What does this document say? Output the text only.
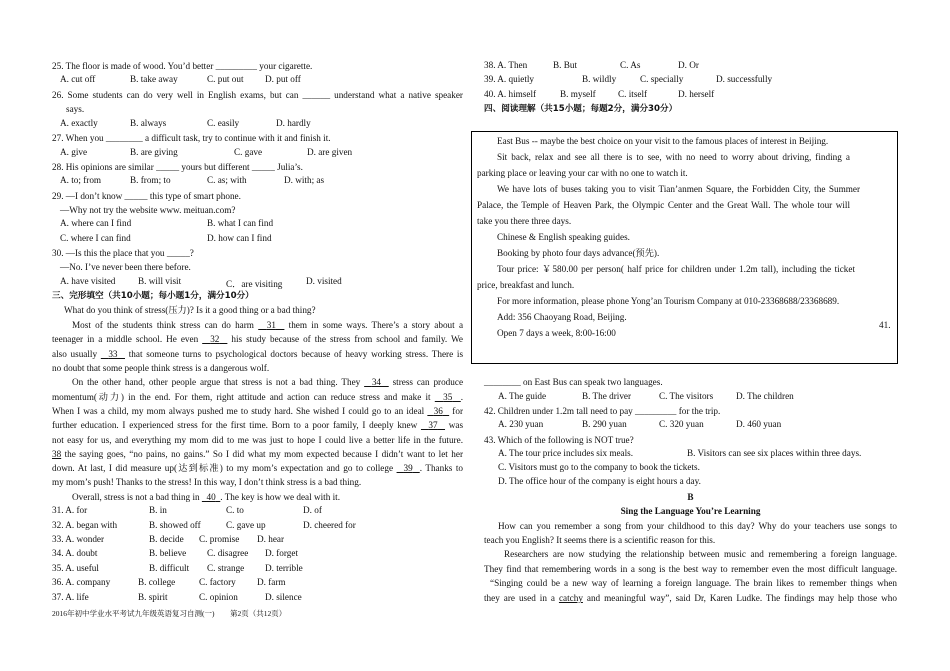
25. The floor is made of wood. You’d better _________ your cigarette.
A. cut off	B. take away	C. put out D. put off
26. Some students can do very well in English exams, but can ______ understand what a native speaker
says.
A. exactly	B. always	C. easily	D. hardly
27. When you ________ a difficult task, try to continue with it and finish it.
A. give	B. are giving	C. gave	D. are given
28. His opinions are similar _____ yours but different _____ Julia’s.
A. to; from	B. from; to	C. as; with	D. with; as
29. —I don’t know _____ this type of smart phone.
—Why not try the website www. meituan.com?
A. where can I find	B. what I can find
C. where I can find	D. how can I find
30. —Is this the place that you _____?
—No. I’ve never been there before.
A. have visited B. will visit	C．are visiting	D. visited
三、完形填空（共10小题；每小题1分，满分10分）
What do you think of stress(压力)? Is it a good thing or a bad thing?
Most of the students think stress can do harm 31 them in some ways. There’s a story about a
teenager in a middle school. He even 32 his study because of the stress from school and family. We
also usually 33 that someone turns to psychological doctors because of heavy working stress. There is
no doubt that some people think stress is a dangerous wolf.
On the other hand, other people argue that stress is not a bad thing. They 34 stress can produce
momentum(动力) in the end. For them, right attitude and action can reduce stress and make it 35 .
When I was a child, my mom always pushed me to study hard. She wished I could go to an ideal 36 for
further education. I experienced stress for the first time. Born to a poor family, I deeply knew 37 was
not easy for us, and everything my mom did to me was just to hope I could live a better life in the future.
38 the saying goes, “no pains, no gains.” So I did what my mom expected because I didn’t want to let her
down. At last, I did measure up(达到标准) to my mom’s expectation and go to college 39 . Thanks to
my mom’s push! Thanks to the stress! In this way, I don’t think stress is a bad thing.
Overall, stress is not a bad thing in 40 . The key is how we deal with it.
31. A. for	B. in	C. to	D. of
32. A. began with	B. showed off	C. gave up	D. cheered for
33. A. wonder	B. decide C. promise D. hear
34. A. doubt	B. believe C. disagree D. forget
35. A. useful	B. difficult C. strange D. terrible
36. A. company	B. college	C. factory D. farm
37. A. life	B. spirit	C. opinion	D. silence
2016年初中学业水平考试九年级英语复习自测(一) 第2页（共12页）
38. A. Then	B. But	C. As	D. Or
39. A. quietly	B. wildly	C. specially	D. successfully
40. A. himself	B. myself C. itself	D. herself
四、阅读理解（共15小题；每题2分，满分30分）
East Bus -- maybe the best choice on your visit to the famous places of interest in Beijing.
Sit back, relax and see all there is to see, with no need to worry about driving, finding a
parking place or leaving your car with no one to watch it.
We have lots of buses taking you to visit Tian’anmen Square, the Forbidden City, the Summer
Palace, the Temple of Heaven Park, the Olympic Center and the Great Wall. The whole tour will
take you there three days.
Chinese & English speaking guides.
Booking by photo four days advance(预先).
Tour price: ￥580.00 per person( half price for children under 1.2m tall), including the ticket
price, breakfast and lunch.
For more information, please phone Yong’an Tourism Company at 010-23368688/23368689.
Add: 356 Chaoyang Road, Beijing.
Open 7 days a week, 8:00-16:00
41.
________ on East Bus can speak two languages.
A. The guide	B. The driver	C. The visitors D. The children
42. Children under 1.2m tall need to pay _________ for the trip.
A. 230 yuan	B. 290 yuan	C. 320 yuan	D. 460 yuan
43. Which of the following is NOT true?
A. The tour price includes six meals.	B. Visitors can see six places within three days.
C. Visitors must go to the company to book the tickets.
D. The office hour of the company is eight hours a day.
B
Sing the Language You’re Learning
How can you remember a song from your childhood to this day? Why do your teachers use songs to
teach you English? It seems there is a scientific reason for this.
Researchers are now studying the relationship between music and remembering a foreign language.
They find that remembering words in a song is the best way to remember even the most difficult language.
“Singing could be a new way of learning a foreign language. The brain likes to remember things when
they are used in a catchy and meaningful way”, said Dr, Karen Ludke. The findings may help those who
